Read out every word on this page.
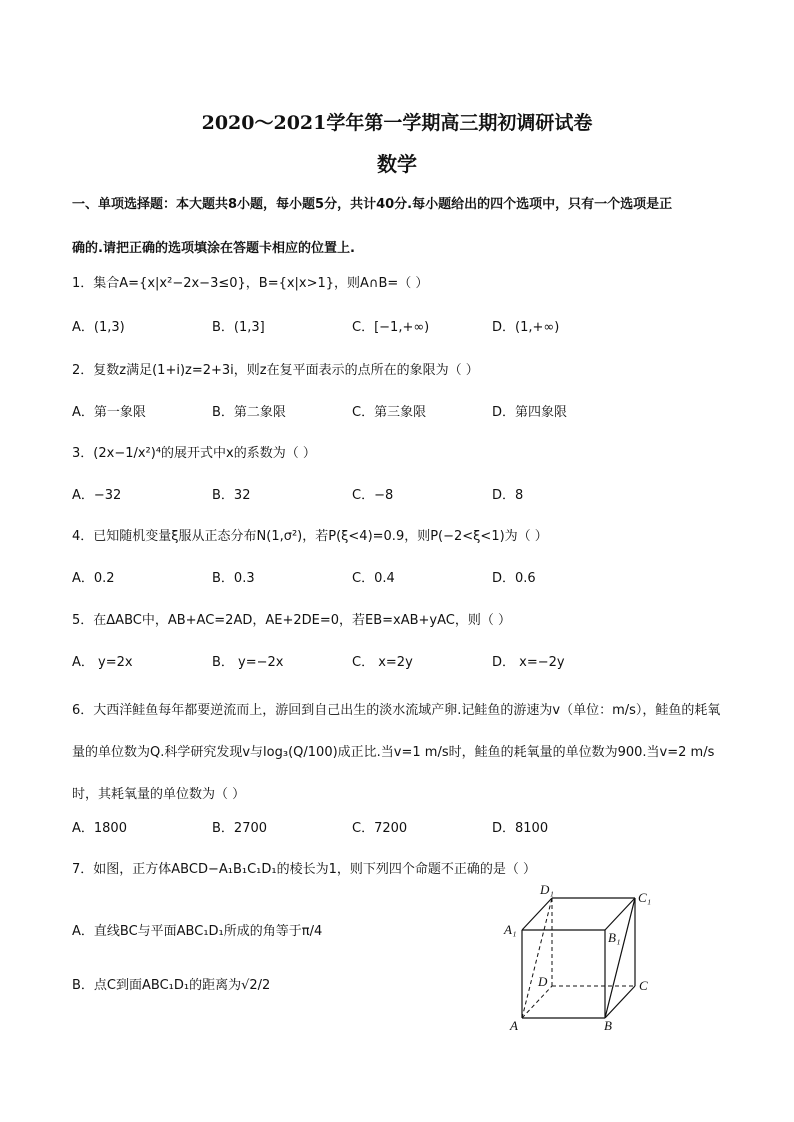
2020～2021学年第一学期高三期初调研试卷
数学
一、单项选择题：本大题共8小题，每小题5分，共计40分.每小题给出的四个选项中，只有一个选项是正
确的.请把正确的选项填涂在答题卡相应的位置上.
1．集合A={x|x²−2x−3≤0}，B={x|x>1}，则A∩B=（ ）
A．(1,3)	B．(1,3]	C．[−1,+∞)	D．(1,+∞)
2．复数z满足(1+i)z=2+3i，则z在复平面表示的点所在的象限为（ ）
A．第一象限	B．第二象限	C．第三象限	D．第四象限
3．(2x−1/x²)⁴的展开式中x的系数为（ ）
A．−32	B．32	C．−8	D．8
4．已知随机变量ξ服从正态分布N(1,σ²)，若P(ξ<4)=0.9，则P(−2<ξ<1)为（ ）
A．0.2	B．0.3	C．0.4	D．0.6
5．在ΔABC中，AB+AC=2AD，AE+2DE=0，若EB=xAB+yAC，则（ ）
A． y=2x	B． y=−2x	C． x=2y	D． x=−2y
6．大西洋鲑鱼每年都要逆流而上，游回到自己出生的淡水流域产卵.记鲑鱼的游速为v（单位：m/s），鲑鱼的耗氧量的单位数为Q.科学研究发现v与log₃(Q/100)成正比.当v=1 m/s时，鲑鱼的耗氧量的单位数为900.当v=2 m/s时，其耗氧量的单位数为（ ）
A．1800	B．2700	C．7200	D．8100
7．如图，正方体ABCD−A₁B₁C₁D₁的棱长为1，则下列四个命题不正确的是（ ）
A．直线BC与平面ABC₁D₁所成的角等于π/4
B．点C到面ABC₁D₁的距离为√2/2
D₁
C₁
A₁
B₁
D	C
A	B
